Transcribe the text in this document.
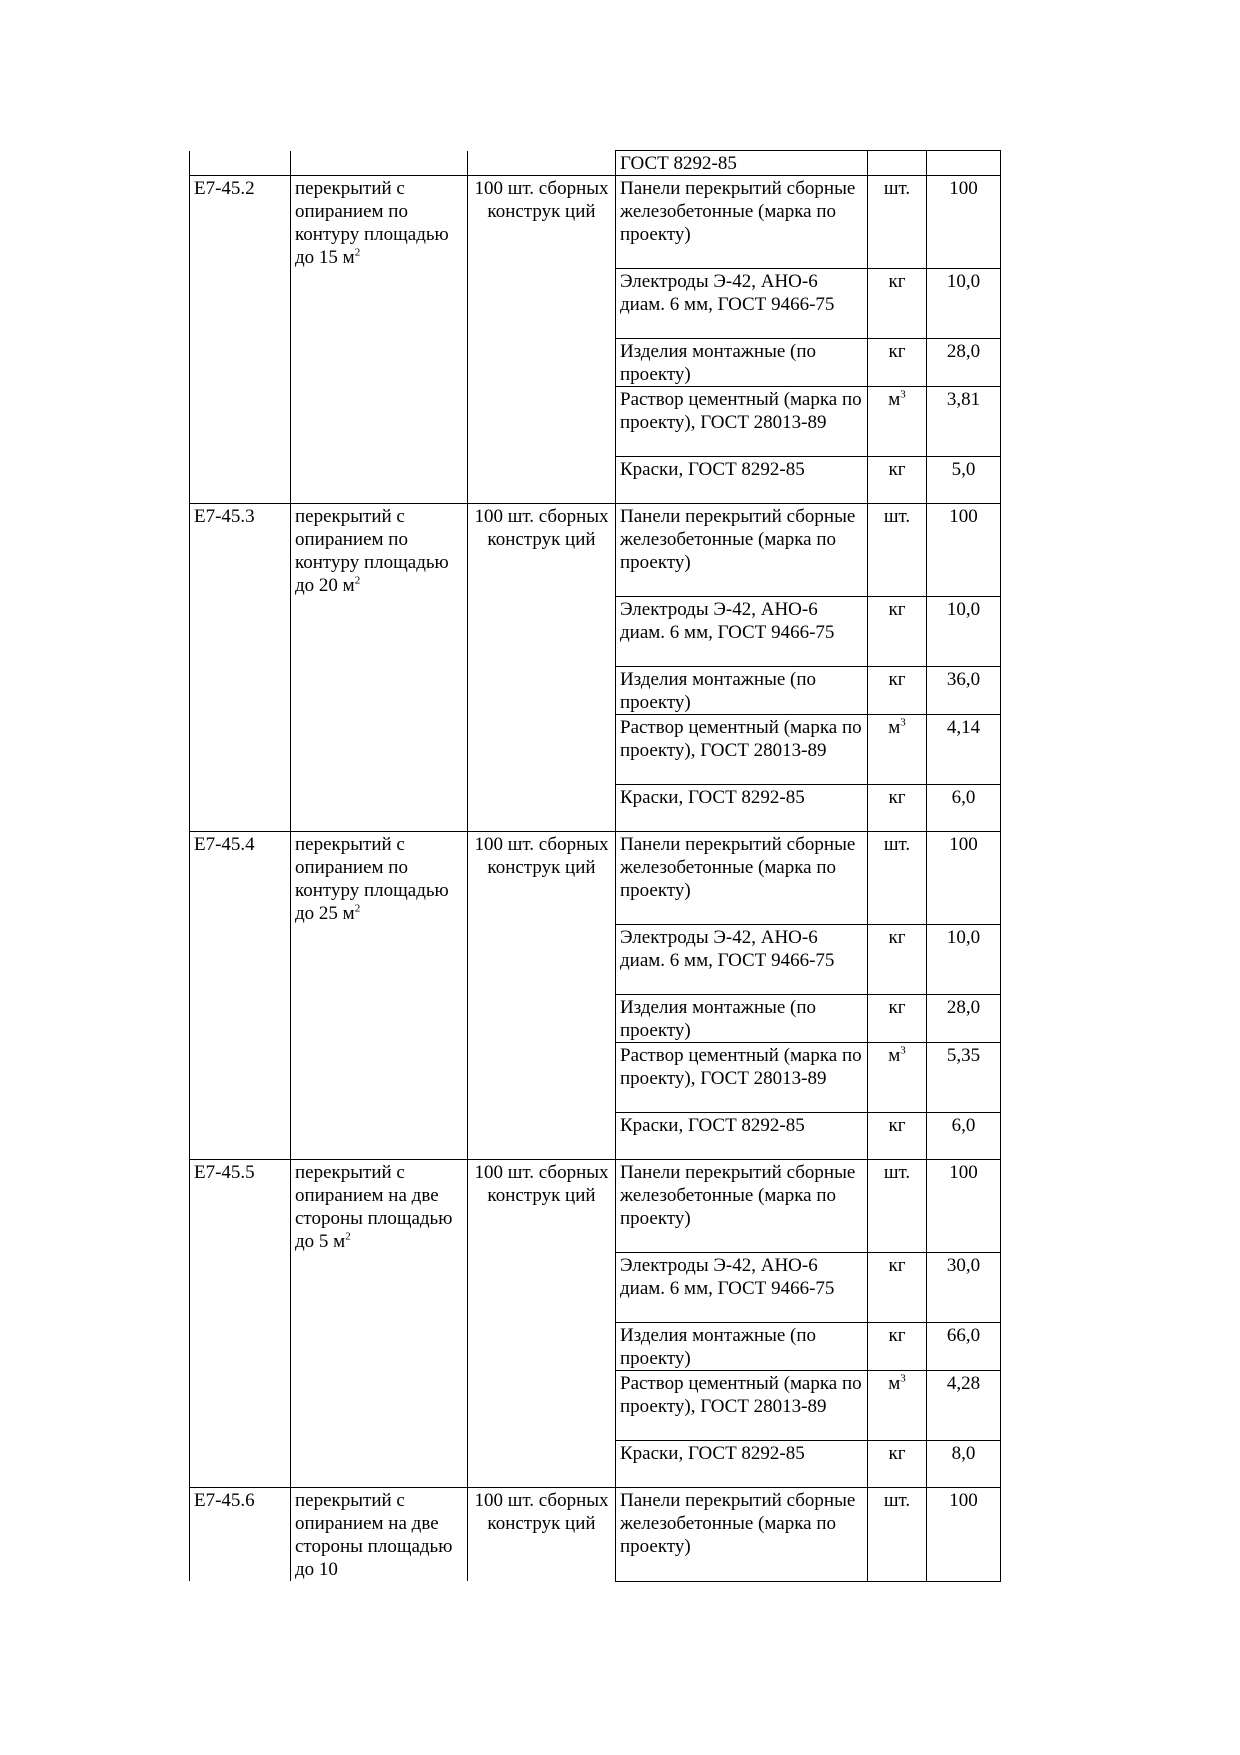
			ГОСТ 8292-85		
Е7-45.2	перекрытий с опиранием по контуру площадью до 15 $м^2$	100 шт. сборных конструк ций	Панели перекрытий сборные железобетонные (марка по проекту)	шт.	100
			Электроды Э-42, АНО-6 диам. 6 мм, ГОСТ 9466-75	кг	10,0
			Изделия монтажные (по проекту)	кг	28,0
			Раствор цементный (марка по проекту), ГОСТ 28013-89	$м^3$	3,81
			Краски, ГОСТ 8292-85	кг	5,0
Е7-45.3	перекрытий с опиранием по контуру площадью до 20 $м^2$	100 шт. сборных конструк ций	Панели перекрытий сборные железобетонные (марка по проекту)	шт.	100
			Электроды Э-42, АНО-6 диам. 6 мм, ГОСТ 9466-75	кг	10,0
			Изделия монтажные (по проекту)	кг	36,0
			Раствор цементный (марка по проекту), ГОСТ 28013-89	$м^3$	4,14
			Краски, ГОСТ 8292-85	кг	6,0
Е7-45.4	перекрытий с опиранием по контуру площадью до 25 $м^2$	100 шт. сборных конструк ций	Панели перекрытий сборные железобетонные (марка по проекту)	шт.	100
			Электроды Э-42, АНО-6 диам. 6 мм, ГОСТ 9466-75	кг	10,0
			Изделия монтажные (по проекту)	кг	28,0
			Раствор цементный (марка по проекту), ГОСТ 28013-89	$м^3$	5,35
			Краски, ГОСТ 8292-85	кг	6,0
Е7-45.5	перекрытий с опиранием на две стороны площадью до 5 $м^2$	100 шт. сборных конструк ций	Панели перекрытий сборные железобетонные (марка по проекту)	шт.	100
			Электроды Э-42, АНО-6 диам. 6 мм, ГОСТ 9466-75	кг	30,0
			Изделия монтажные (по проекту)	кг	66,0
			Раствор цементный (марка по проекту), ГОСТ 28013-89	$м^3$	4,28
			Краски, ГОСТ 8292-85	кг	8,0
Е7-45.6	перекрытий с опиранием на две стороны площадью до 10	100 шт. сборных конструк ций	Панели перекрытий сборные железобетонные (марка по проекту)	шт.	100
